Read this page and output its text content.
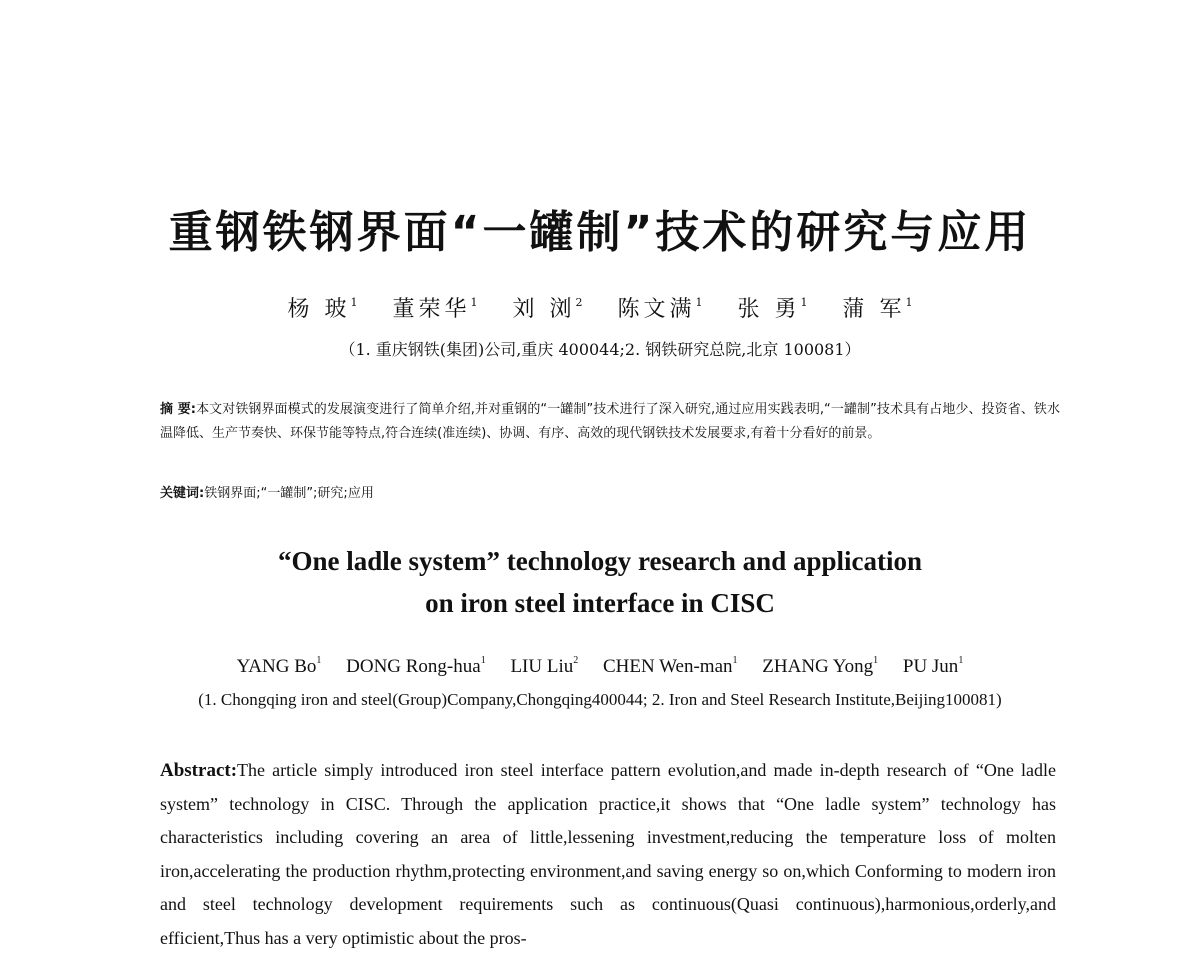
重钢铁钢界面“一罐制”技术的研究与应用
杨 玻$^1$ 董荣华$^1$ 刘 浏$^2$ 陈文满$^1$ 张 勇$^1$ 蒲 军$^1$
（1. 重庆钢铁(集团)公司,重庆 400044;2. 钢铁研究总院,北京 100081）
摘 要:本文对铁钢界面模式的发展演变进行了简单介绍,并对重钢的“一罐制”技术进行了深入研究,通过应用实践表明,“一罐制”技术具有占地少、投资省、铁水温降低、生产节奏快、环保节能等特点,符合连续(准连续)、协调、有序、高效的现代钢铁技术发展要求,有着十分看好的前景。
关键词:铁钢界面;“一罐制”;研究;应用
“One ladle system” technology research and application
on iron steel interface in CISC
YANG Bo$^1$ DONG Rong-hua$^1$ LIU Liu$^2$ CHEN Wen-man$^1$ ZHANG Yong$^1$ PU Jun$^1$
(1. Chongqing iron and steel(Group)Company,Chongqing400044; 2. Iron and Steel Research Institute,Beijing100081)
Abstract:The article simply introduced iron steel interface pattern evolution,and made in-depth research of “One ladle system” technology in CISC. Through the application practice,it shows that “One ladle system” technology has characteristics including covering an area of little,lessening investment,reducing the temperature loss of molten iron,accelerating the production rhythm,protecting environment,and saving energy so on,which Conforming to modern iron and steel technology development requirements such as continuous(Quasi continuous),harmonious,orderly,and efficient,Thus has a very optimistic about the pros-
